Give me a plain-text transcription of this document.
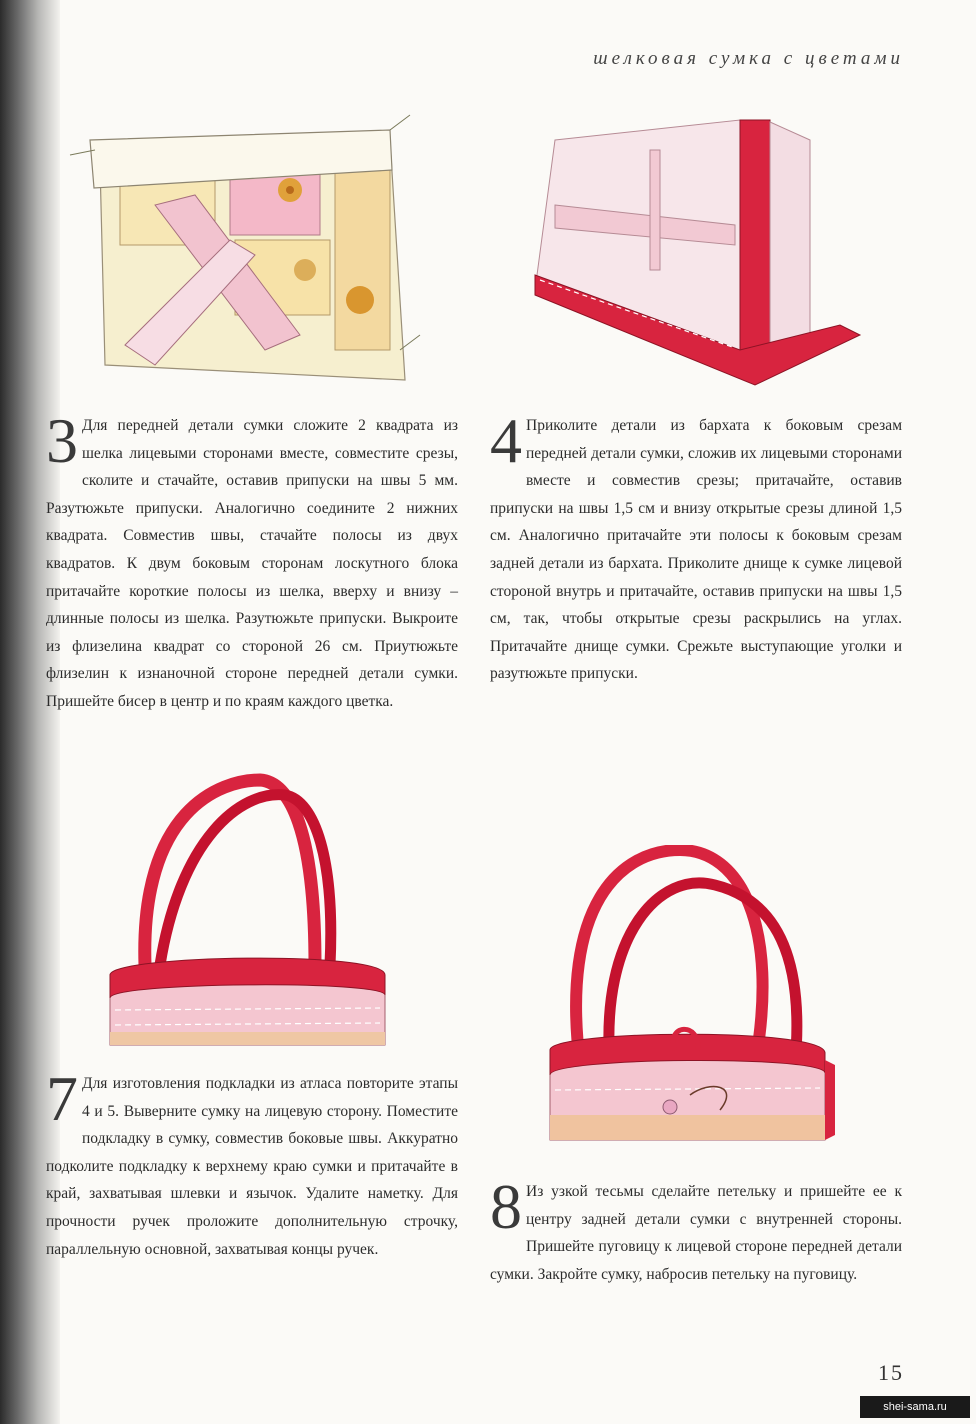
шелковая сумка с цветами
3 Для передней детали сумки сложите 2 квадрата из шелка лицевыми сторонами вместе, совместите срезы, сколите и стачайте, оставив припуски на швы 5 мм. Разутюжьте припуски. Аналогично соедините 2 нижних квадрата. Совместив швы, стачайте полосы из двух квадратов. К двум боковым сторонам лоскутного блока притачайте короткие полосы из шелка, вверху и внизу – длинные полосы из шелка. Разутюжьте припуски. Выкроите из флизелина квадрат со стороной 26 см. Приутюжьте флизелин к изнаночной стороне передней детали сумки. Пришейте бисер в центр и по краям каждого цветка.
4 Приколите детали из бархата к боковым срезам передней детали сумки, сложив их лицевыми сторонами вместе и совместив срезы; притачайте, оставив припуски на швы 1,5 см и внизу открытые срезы длиной 1,5 см. Аналогично притачайте эти полосы к боковым срезам задней детали из бархата. Приколите днище к сумке лицевой стороной внутрь и притачайте, оставив припуски на швы 1,5 см, так, чтобы открытые срезы раскрылись на углах. Притачайте днище сумки. Срежьте выступающие уголки и разутюжьте припуски.
7 Для изготовления подкладки из атласа повторите этапы 4 и 5. Выверните сумку на лицевую сторону. Поместите подкладку в сумку, совместив боковые швы. Аккуратно подколите подкладку к верхнему краю сумки и притачайте в край, захватывая шлевки и язычок. Удалите наметку. Для прочности ручек проложите дополнительную строчку, параллельную основной, захватывая концы ручек.
8 Из узкой тесьмы сделайте петельку и пришейте ее к центру задней детали сумки с внутренней стороны. Пришейте пуговицу к лицевой стороне передней детали сумки. Закройте сумку, набросив петельку на пуговицу.
15
shei-sama.ru
